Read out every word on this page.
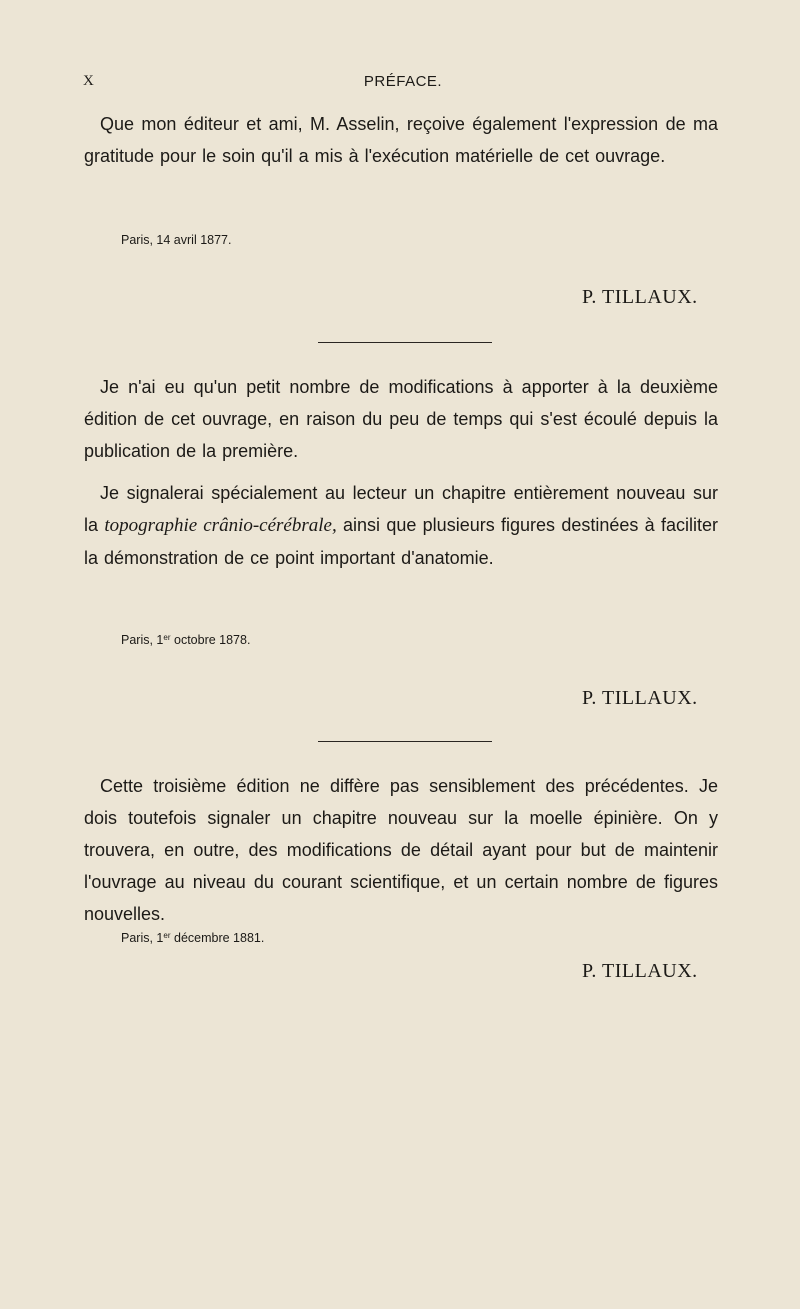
X	PRÉFACE.

Que mon éditeur et ami, M. Asselin, reçoive également l'expression de ma gratitude pour le soin qu'il a mis à l'exécution matérielle de cet ouvrage.

Paris, 14 avril 1877.
P. TILLAUX.

Je n'ai eu qu'un petit nombre de modifications à apporter à la deuxième édition de cet ouvrage, en raison du peu de temps qui s'est écoulé depuis la publication de la première.

Je signalerai spécialement au lecteur un chapitre entièrement nouveau sur la topographie crânio-cérébrale, ainsi que plusieurs figures destinées à faciliter la démonstration de ce point important d'anatomie.

Paris, 1er octobre 1878.
P. TILLAUX.

Cette troisième édition ne diffère pas sensiblement des précédentes. Je dois toutefois signaler un chapitre nouveau sur la moelle épinière. On y trouvera, en outre, des modifications de détail ayant pour but de maintenir l'ouvrage au niveau du courant scientifique, et un certain nombre de figures nouvelles.

Paris, 1er décembre 1881.
P. TILLAUX.
